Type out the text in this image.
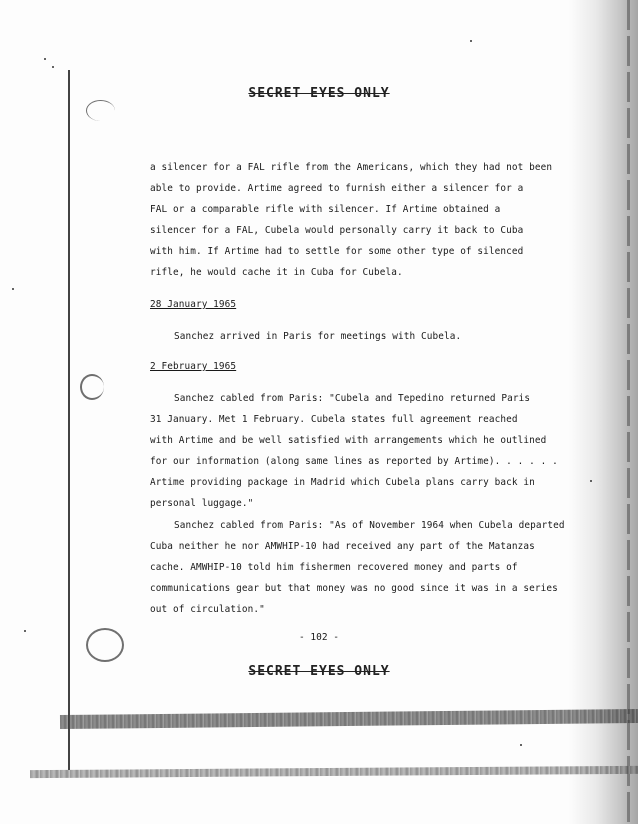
SECRET EYES ONLY
a silencer for a FAL rifle from the Americans, which they had not been
able to provide. Artime agreed to furnish either a silencer for a
FAL or a comparable rifle with silencer. If Artime obtained a
silencer for a FAL, Cubela would personally carry it back to Cuba
with him. If Artime had to settle for some other type of silenced
rifle, he would cache it in Cuba for Cubela.
28 January 1965
Sanchez arrived in Paris for meetings with Cubela.
2 February 1965
Sanchez cabled from Paris: "Cubela and Tepedino returned Paris
31 January. Met 1 February. Cubela states full agreement reached
with Artime and be well satisfied with arrangements which he outlined
for our information (along same lines as reported by Artime). . . . . .
Artime providing package in Madrid which Cubela plans carry back in
personal luggage."
Sanchez cabled from Paris: "As of November 1964 when Cubela departed
Cuba neither he nor AMWHIP-10 had received any part of the Matanzas
cache. AMWHIP-10 told him fishermen recovered money and parts of
communications gear but that money was no good since it was in a series
out of circulation."
- 102 -
SECRET EYES ONLY
